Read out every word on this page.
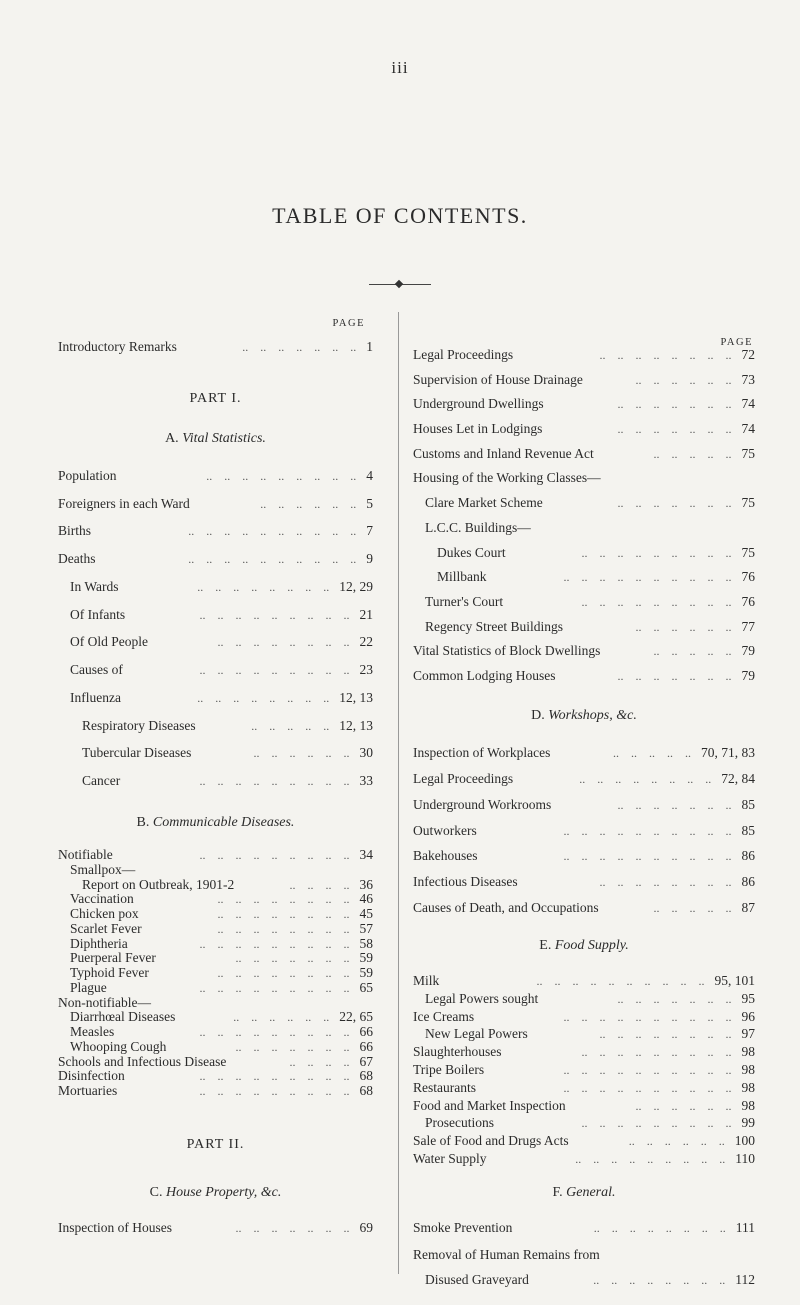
iii
TABLE OF CONTENTS.
PAGE
Introductory Remarks	1
..    ..    ..    ..    ..    ..    ..
PART I.
A. Vital Statistics.
Population	4
..    ..    ..    ..    ..    ..    ..    ..    ..
Foreigners in each Ward	5
..    ..    ..    ..    ..    ..
Births	7
..    ..    ..    ..    ..    ..    ..    ..    ..    ..
Deaths	9
..    ..    ..    ..    ..    ..    ..    ..    ..    ..
In Wards	12, 29
..    ..    ..    ..    ..    ..    ..    ..
Of Infants	21
..    ..    ..    ..    ..    ..    ..    ..    ..
Of Old People	22
..    ..    ..    ..    ..    ..    ..    ..
Causes of	23
..    ..    ..    ..    ..    ..    ..    ..    ..
Influenza	12, 13
..    ..    ..    ..    ..    ..    ..    ..
Respiratory Diseases	12, 13
..    ..    ..    ..    ..
Tubercular Diseases	30
..    ..    ..    ..    ..    ..
Cancer	33
..    ..    ..    ..    ..    ..    ..    ..    ..
B. Communicable Diseases.
Notifiable	34
..    ..    ..    ..    ..    ..    ..    ..    ..
Smallpox—
Report on Outbreak, 1901-2	36
..    ..    ..    ..
Vaccination	46
..    ..    ..    ..    ..    ..    ..    ..
Chicken pox	45
..    ..    ..    ..    ..    ..    ..    ..
Scarlet Fever	57
..    ..    ..    ..    ..    ..    ..    ..
Diphtheria	58
..    ..    ..    ..    ..    ..    ..    ..    ..
Puerperal Fever	59
..    ..    ..    ..    ..    ..    ..
Typhoid Fever	59
..    ..    ..    ..    ..    ..    ..    ..
Plague	65
..    ..    ..    ..    ..    ..    ..    ..    ..
Non-notifiable—
Diarrhœal Diseases	22, 65
..    ..    ..    ..    ..    ..
Measles	66
..    ..    ..    ..    ..    ..    ..    ..    ..
Whooping Cough	66
..    ..    ..    ..    ..    ..    ..
Schools and Infectious Disease	67
..    ..    ..    ..
Disinfection	68
..    ..    ..    ..    ..    ..    ..    ..    ..
Mortuaries	68
..    ..    ..    ..    ..    ..    ..    ..    ..
PART II.
C. House Property, &c.
Inspection of Houses	69
..    ..    ..    ..    ..    ..    ..
PAGE
Legal Proceedings	72
..    ..    ..    ..    ..    ..    ..    ..
Supervision of House Drainage	73
..    ..    ..    ..    ..    ..
Underground Dwellings	74
..    ..    ..    ..    ..    ..    ..
Houses Let in Lodgings	74
..    ..    ..    ..    ..    ..    ..
Customs and Inland Revenue Act	75
..    ..    ..    ..    ..
Housing of the Working Classes—
Clare Market Scheme	75
..    ..    ..    ..    ..    ..    ..
L.C.C. Buildings—
Dukes Court	75
..    ..    ..    ..    ..    ..    ..    ..    ..
Millbank	76
..    ..    ..    ..    ..    ..    ..    ..    ..    ..
Turner's Court	76
..    ..    ..    ..    ..    ..    ..    ..    ..
Regency Street Buildings	77
..    ..    ..    ..    ..    ..
Vital Statistics of Block Dwellings	79
..    ..    ..    ..    ..
Common Lodging Houses	79
..    ..    ..    ..    ..    ..    ..
D. Workshops, &c.
Inspection of Workplaces	70, 71, 83
..    ..    ..    ..    ..
Legal Proceedings	72, 84
..    ..    ..    ..    ..    ..    ..    ..
Underground Workrooms	85
..    ..    ..    ..    ..    ..    ..
Outworkers	85
..    ..    ..    ..    ..    ..    ..    ..    ..    ..
Bakehouses	86
..    ..    ..    ..    ..    ..    ..    ..    ..    ..
Infectious Diseases	86
..    ..    ..    ..    ..    ..    ..    ..
Causes of Death, and Occupations	87
..    ..    ..    ..    ..
E. Food Supply.
Milk	95, 101
..    ..    ..    ..    ..    ..    ..    ..    ..    ..
Legal Powers sought	95
..    ..    ..    ..    ..    ..    ..
Ice Creams	96
..    ..    ..    ..    ..    ..    ..    ..    ..    ..
New Legal Powers	97
..    ..    ..    ..    ..    ..    ..    ..
Slaughterhouses	98
..    ..    ..    ..    ..    ..    ..    ..    ..
Tripe Boilers	98
..    ..    ..    ..    ..    ..    ..    ..    ..    ..
Restaurants	98
..    ..    ..    ..    ..    ..    ..    ..    ..    ..
Food and Market Inspection	98
..    ..    ..    ..    ..    ..
Prosecutions	99
..    ..    ..    ..    ..    ..    ..    ..    ..
Sale of Food and Drugs Acts	100
..    ..    ..    ..    ..    ..
Water Supply	110
..    ..    ..    ..    ..    ..    ..    ..    ..
F. General.
Smoke Prevention	111
..    ..    ..    ..    ..    ..    ..    ..
Removal of Human Remains from
Disused Graveyard	112
..    ..    ..    ..    ..    ..    ..    ..
